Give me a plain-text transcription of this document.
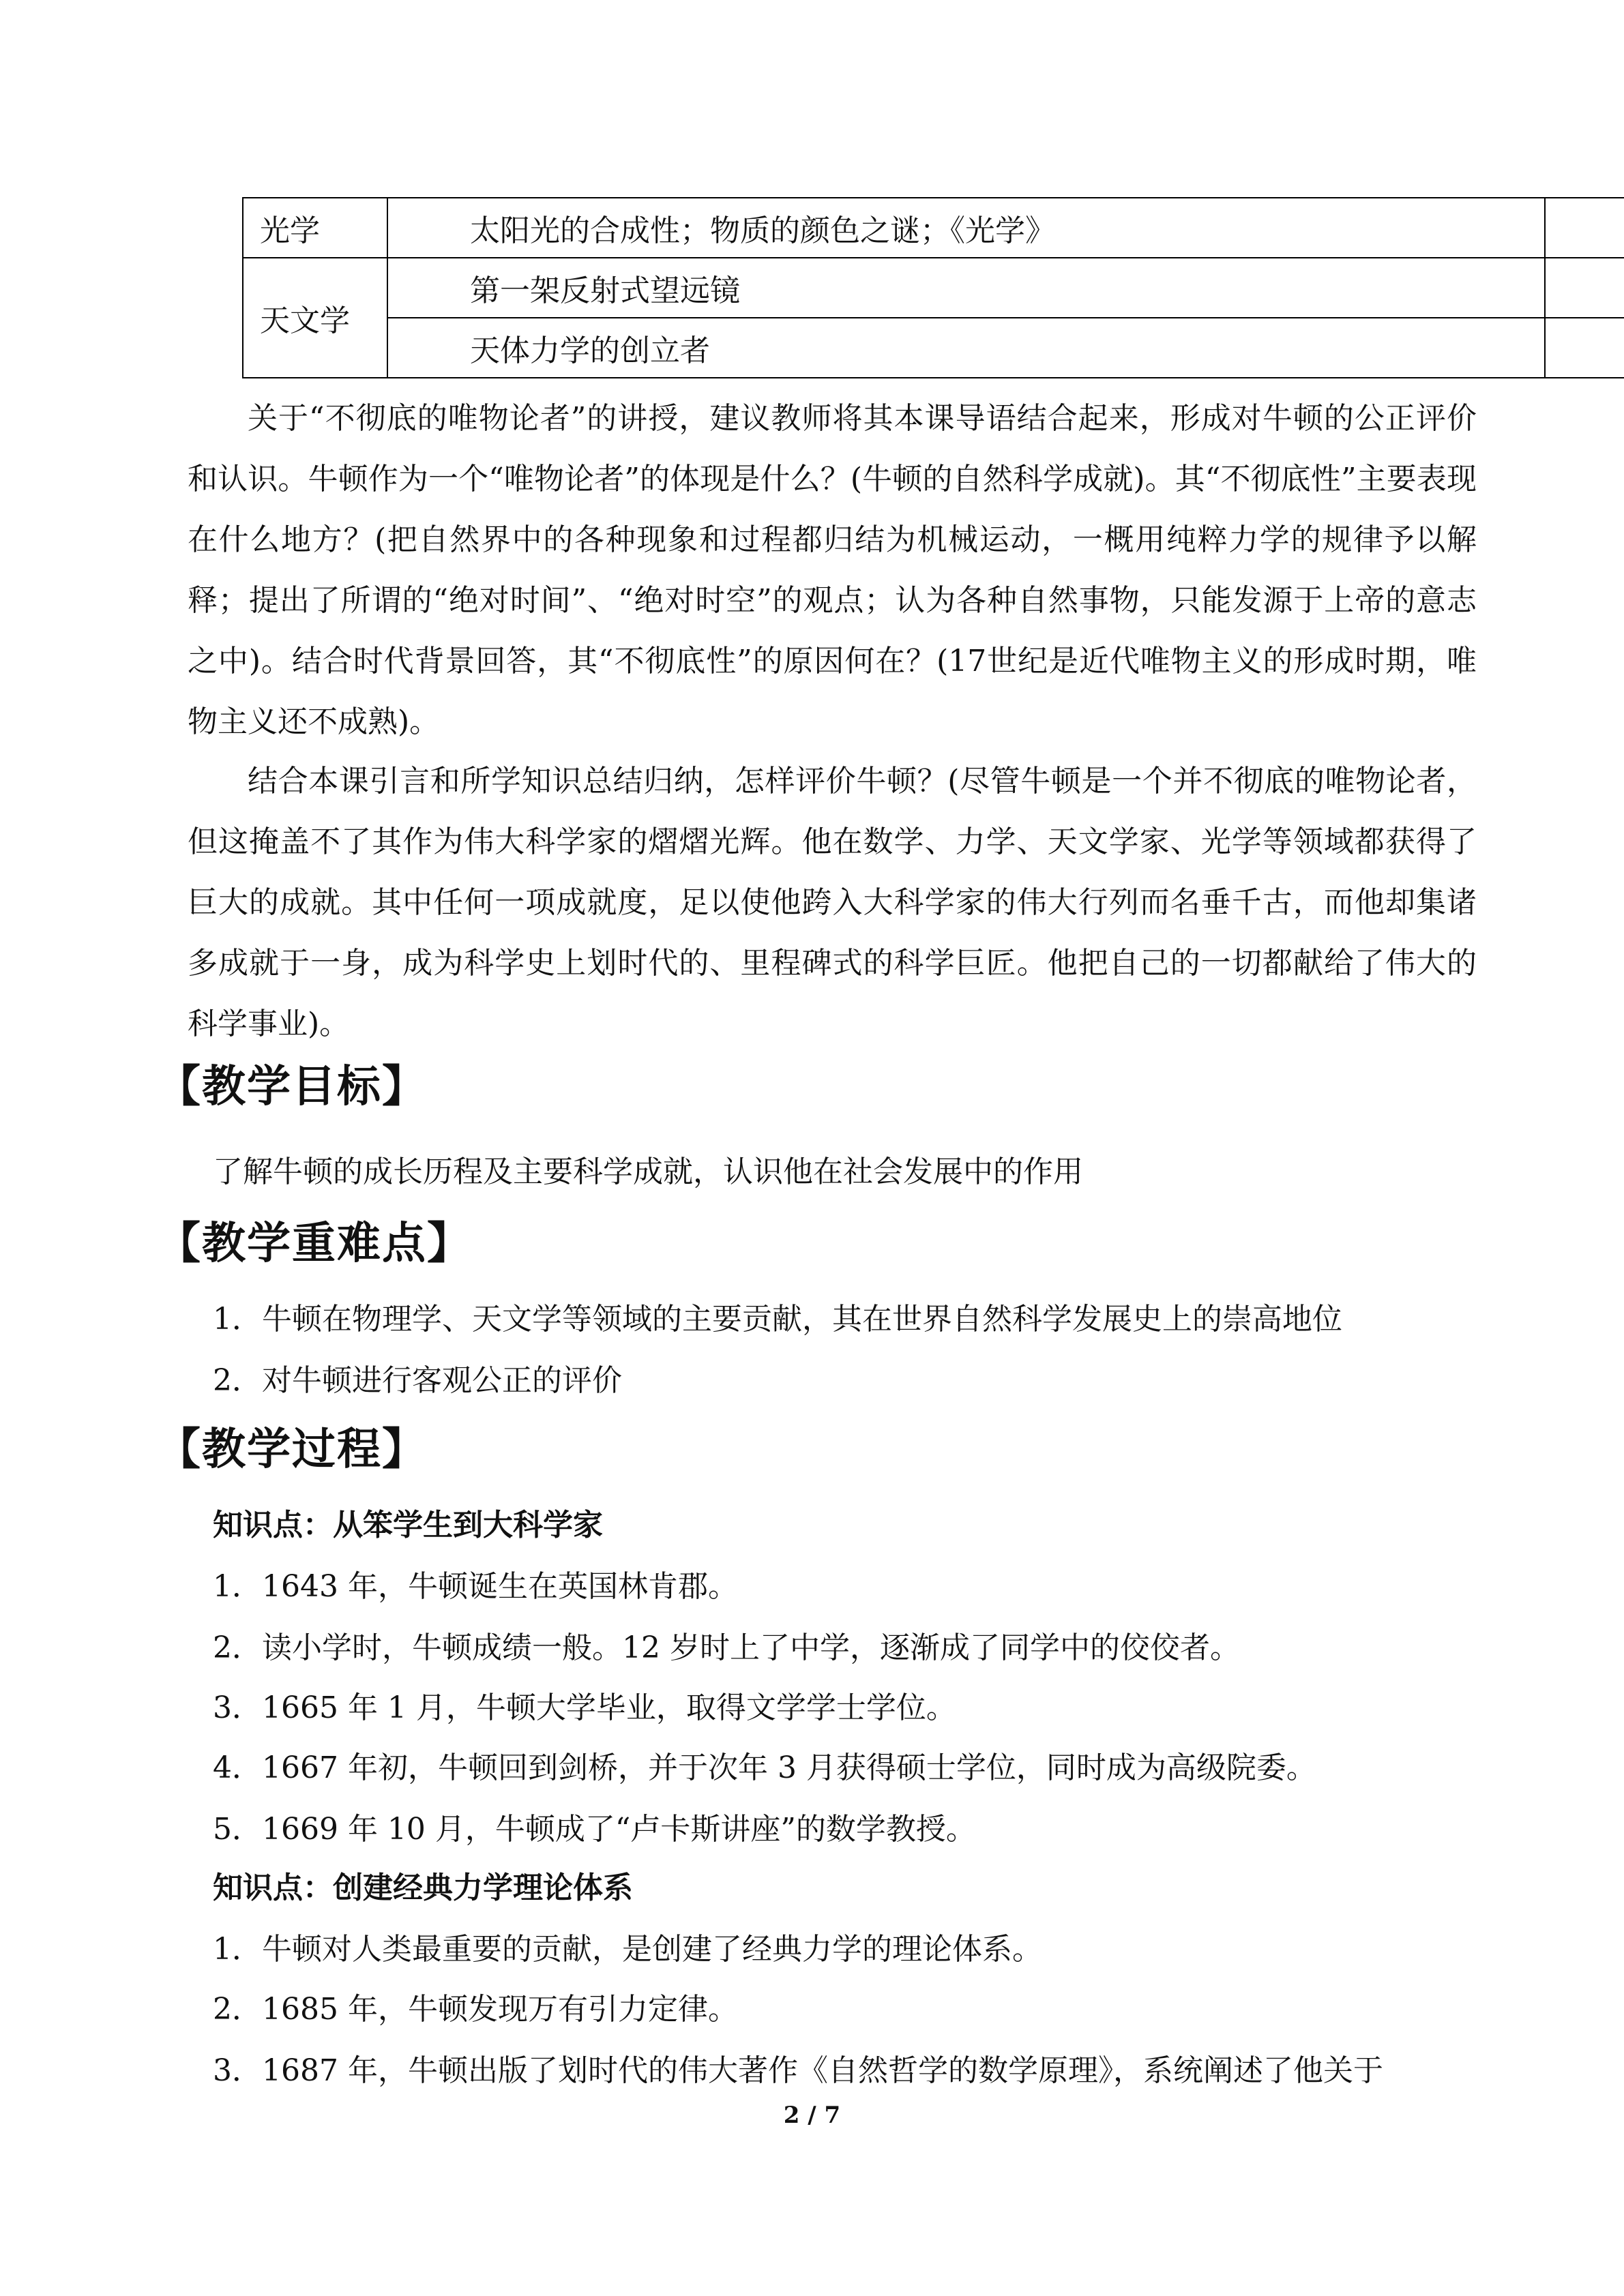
光学	太阳光的合成性；物质的颜色之谜；《光学》	
天文学	第一架反射式望远镜	
	天体力学的创立者	

关于“不彻底的唯物论者”的讲授，建议教师将其本课导语结合起来，形成对牛顿的公正评价和认识。牛顿作为一个“唯物论者”的体现是什么？(牛顿的自然科学成就)。其“不彻底性”主要表现在什么地方？(把自然界中的各种现象和过程都归结为机械运动，一概用纯粹力学的规律予以解释；提出了所谓的“绝对时间”、“绝对时空”的观点；认为各种自然事物，只能发源于上帝的意志之中)。结合时代背景回答，其“不彻底性”的原因何在？(17世纪是近代唯物主义的形成时期，唯物主义还不成熟)。

结合本课引言和所学知识总结归纳，怎样评价牛顿？(尽管牛顿是一个并不彻底的唯物论者，但这掩盖不了其作为伟大科学家的熠熠光辉。他在数学、力学、天文学家、光学等领域都获得了巨大的成就。其中任何一项成就度，足以使他跨入大科学家的伟大行列而名垂千古，而他却集诸多成就于一身，成为科学史上划时代的、里程碑式的科学巨匠。他把自己的一切都献给了伟大的科学事业)。

【教学目标】

了解牛顿的成长历程及主要科学成就，认识他在社会发展中的作用

【教学重难点】

1．牛顿在物理学、天文学等领域的主要贡献，其在世界自然科学发展史上的崇高地位

2．对牛顿进行客观公正的评价

【教学过程】

知识点：从笨学生到大科学家

1．1643 年，牛顿诞生在英国林肯郡。

2．读小学时，牛顿成绩一般。12 岁时上了中学，逐渐成了同学中的佼佼者。

3．1665 年 1 月，牛顿大学毕业，取得文学学士学位。

4．1667 年初，牛顿回到剑桥，并于次年 3 月获得硕士学位，同时成为高级院委。

5．1669 年 10 月，牛顿成了“卢卡斯讲座”的数学教授。

知识点：创建经典力学理论体系

1．牛顿对人类最重要的贡献，是创建了经典力学的理论体系。

2．1685 年，牛顿发现万有引力定律。

3．1687 年，牛顿出版了划时代的伟大著作《自然哲学的数学原理》，系统阐述了他关于

2 / 7
